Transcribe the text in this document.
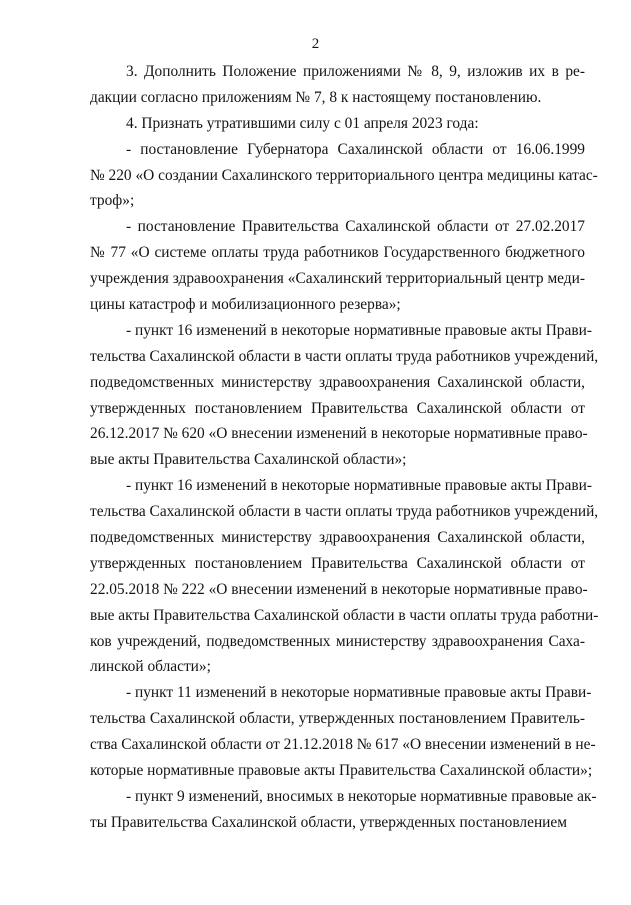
2
3. Дополнить Положение приложениями № 8, 9, изложив их в ре-
дакции согласно приложениям № 7, 8 к настоящему постановлению.
4. Признать утратившими силу с 01 апреля 2023 года:
- постановление Губернатора Сахалинской области от 16.06.1999
№ 220 «О создании Сахалинского территориального центра медицины катас-
троф»;
- постановление Правительства Сахалинской области от 27.02.2017
№ 77 «О системе оплаты труда работников Государственного бюджетного
учреждения здравоохранения «Сахалинский территориальный центр меди-
цины катастроф и мобилизационного резерва»;
- пункт 16 изменений в некоторые нормативные правовые акты Прави-
тельства Сахалинской области в части оплаты труда работников учреждений,
подведомственных министерству здравоохранения Сахалинской области,
утвержденных постановлением Правительства Сахалинской области от
26.12.2017 № 620 «О внесении изменений в некоторые нормативные право-
вые акты Правительства Сахалинской области»;
- пункт 16 изменений в некоторые нормативные правовые акты Прави-
тельства Сахалинской области в части оплаты труда работников учреждений,
подведомственных министерству здравоохранения Сахалинской области,
утвержденных постановлением Правительства Сахалинской области от
22.05.2018 № 222 «О внесении изменений в некоторые нормативные право-
вые акты Правительства Сахалинской области в части оплаты труда работни-
ков учреждений, подведомственных министерству здравоохранения Саха-
линской области»;
- пункт 11 изменений в некоторые нормативные правовые акты Прави-
тельства Сахалинской области, утвержденных постановлением Правитель-
ства Сахалинской области от 21.12.2018 № 617 «О внесении изменений в не-
которые нормативные правовые акты Правительства Сахалинской области»;
- пункт 9 изменений, вносимых в некоторые нормативные правовые ак-
ты Правительства Сахалинской области, утвержденных постановлением
